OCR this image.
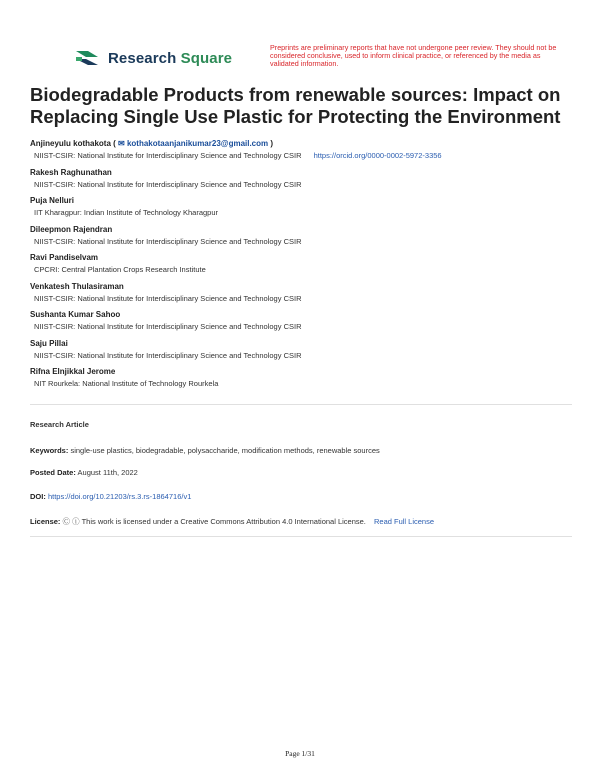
Research Square
Preprints are preliminary reports that have not undergone peer review. They should not be considered conclusive, used to inform clinical practice, or referenced by the media as validated information.
Biodegradable Products from renewable sources: Impact on Replacing Single Use Plastic for Protecting the Environment
Anjineyulu kothakota ( ✉ kothakotaanjanikumar23@gmail.com )
NIIST-CSIR: National Institute for Interdisciplinary Science and Technology CSIR https://orcid.org/0000-0002-5972-3356
Rakesh Raghunathan
NIIST-CSIR: National Institute for Interdisciplinary Science and Technology CSIR
Puja Nelluri
IIT Kharagpur: Indian Institute of Technology Kharagpur
Dileepmon Rajendran
NIIST-CSIR: National Institute for Interdisciplinary Science and Technology CSIR
Ravi Pandiselvam
CPCRI: Central Plantation Crops Research Institute
Venkatesh Thulasiraman
NIIST-CSIR: National Institute for Interdisciplinary Science and Technology CSIR
Sushanta Kumar Sahoo
NIIST-CSIR: National Institute for Interdisciplinary Science and Technology CSIR
Saju Pillai
NIIST-CSIR: National Institute for Interdisciplinary Science and Technology CSIR
Rifna Elnjikkal Jerome
NIT Rourkela: National Institute of Technology Rourkela
Research Article
Keywords: single-use plastics, biodegradable, polysaccharide, modification methods, renewable sources
Posted Date: August 11th, 2022
DOI: https://doi.org/10.21203/rs.3.rs-1864716/v1
License: Ⓒ ⓘ This work is licensed under a Creative Commons Attribution 4.0 International License. Read Full License
Page 1/31
